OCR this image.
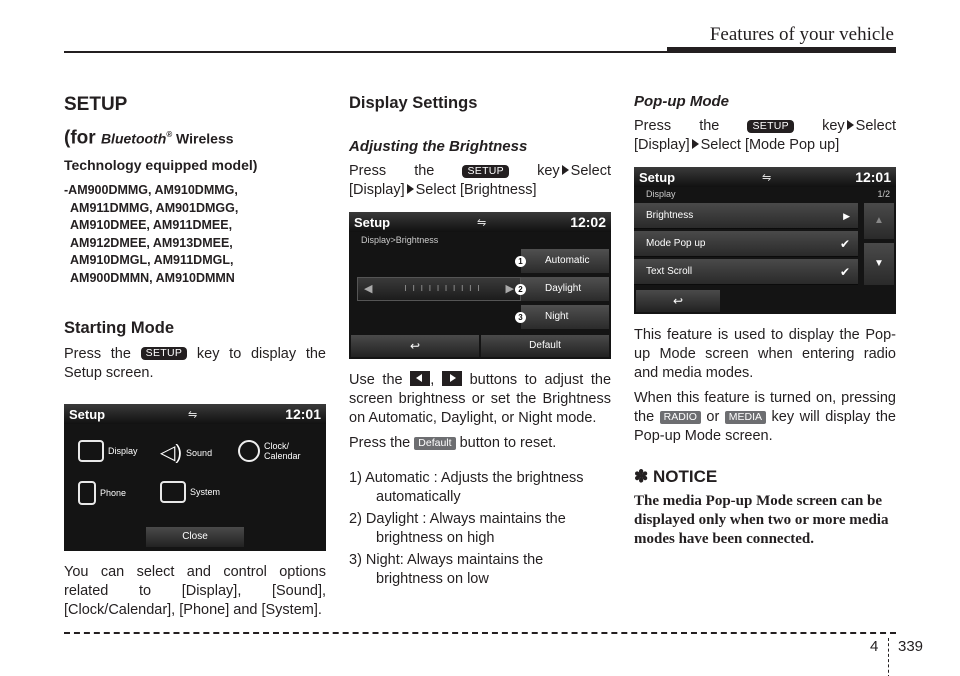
Features of your vehicle
SETUP
(for Bluetooth® Wireless
Technology equipped model)
-AM900DMMG, AM910DMMG,
AM911DMMG, AM901DMGG,
AM910DMEE, AM911DMEE,
AM912DMEE, AM913DMEE,
AM910DMGL, AM911DMGL,
AM900DMMN, AM910DMMN
Starting Mode
Press the SETUP key to display the Setup screen.
Setup	⇋	12:01
Display ◁) Sound
Clock/ Calendar
Phone	System
Close
You can select and control options related to [Display], [Sound], [Clock/Calendar], [Phone] and [System].
Display Settings
Adjusting the Brightness
Press the	SETUP	key Select
[Display] Select [Brightness]
Setup	⇋	12:02
Display>Brightness
◀	ı ı ı ı ı ı ı ı ı ı ▶
Automatic
Daylight
Night
1
2
3
↩	Default
Use the , buttons to adjust the screen brightness or set the Brightness on Automatic, Daylight, or Night mode.
Press the Default button to reset.
1) Automatic : Adjusts the brightness automatically
2) Daylight : Always maintains the brightness on high
3) Night: Always maintains the brightness on low
Pop-up Mode
Press the	SETUP	key Select
[Display] Select [Mode Pop up]
Setup	⇋	12:01
Display	1/2
Brightness	▶
Mode Pop up	✔
Text Scroll	✔
▲
▼
↩
This feature is used to display the Pop-up Mode screen when entering radio and media modes.
When this feature is turned on, pressing the RADIO or MEDIA key will display the Pop-up Mode screen.
✽ NOTICE
The media Pop-up Mode screen can be displayed only when two or more media modes have been connected.
4 339
